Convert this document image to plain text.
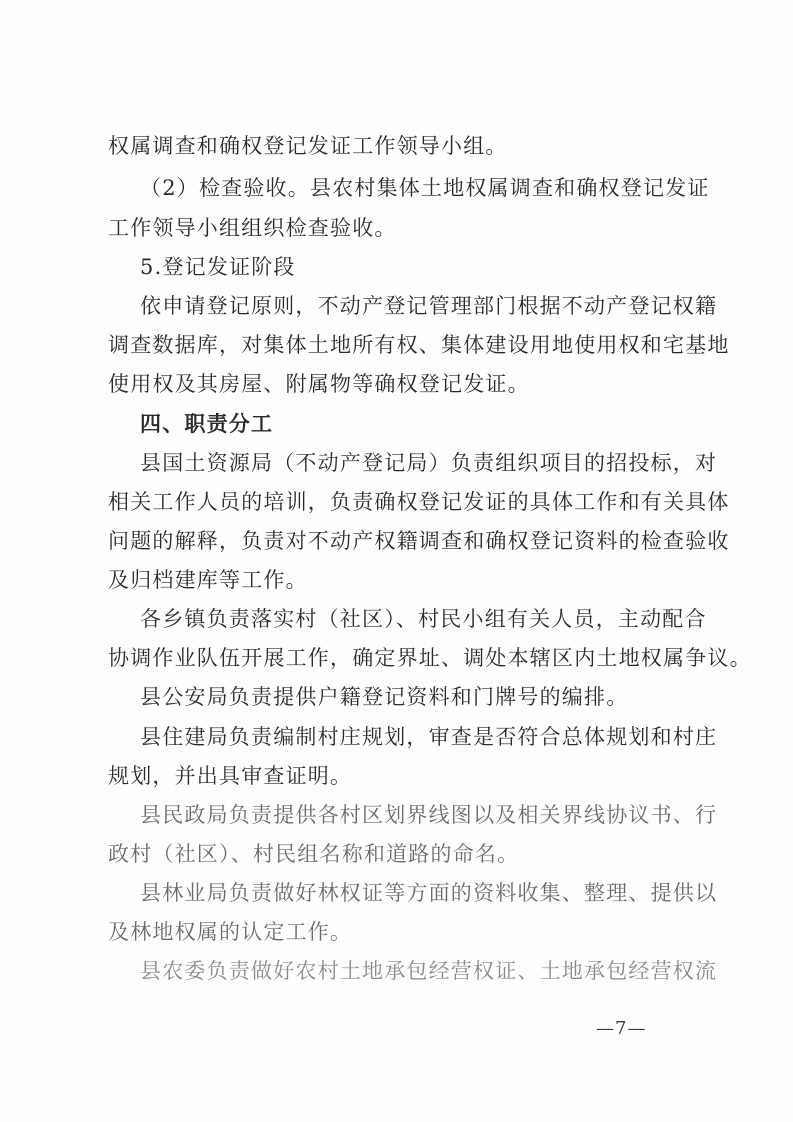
权属调查和确权登记发证工作领导小组。
（2）检查验收。县农村集体土地权属调查和确权登记发证
工作领导小组组织检查验收。
5.登记发证阶段
依申请登记原则，不动产登记管理部门根据不动产登记权籍
调查数据库，对集体土地所有权、集体建设用地使用权和宅基地
使用权及其房屋、附属物等确权登记发证。
四、职责分工
县国土资源局（不动产登记局）负责组织项目的招投标，对
相关工作人员的培训，负责确权登记发证的具体工作和有关具体
问题的解释，负责对不动产权籍调查和确权登记资料的检查验收
及归档建库等工作。
各乡镇负责落实村（社区）、村民小组有关人员，主动配合
协调作业队伍开展工作，确定界址、调处本辖区内土地权属争议。
县公安局负责提供户籍登记资料和门牌号的编排。
县住建局负责编制村庄规划，审查是否符合总体规划和村庄
规划，并出具审查证明。
县民政局负责提供各村区划界线图以及相关界线协议书、行
政村（社区）、村民组名称和道路的命名。
县林业局负责做好林权证等方面的资料收集、整理、提供以
及林地权属的认定工作。
县农委负责做好农村土地承包经营权证、土地承包经营权流
—7—
